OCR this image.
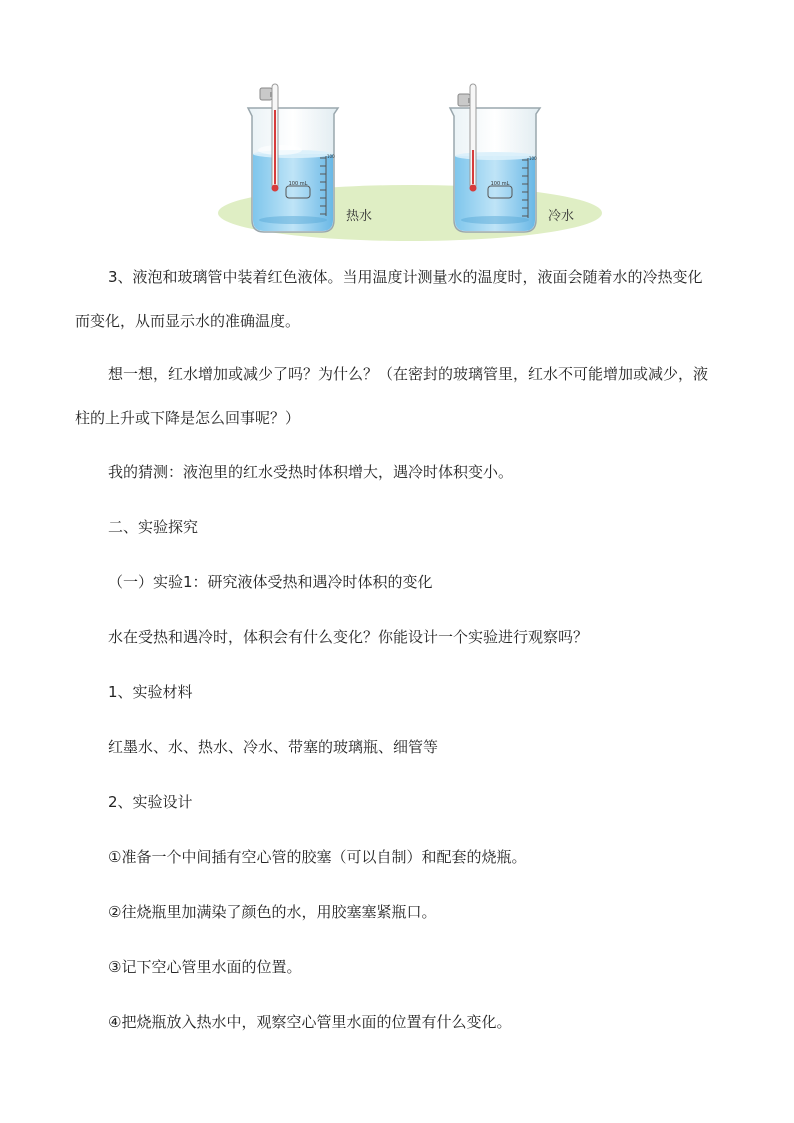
100 mL
100
热水
100 mL
100
冷水

3、液泡和玻璃管中装着红色液体。当用温度计测量水的温度时，液面会随着水的冷热变化而变化，从而显示水的准确温度。

想一想，红水增加或减少了吗？为什么？（在密封的玻璃管里，红水不可能增加或减少，液柱的上升或下降是怎么回事呢？）

我的猜测：液泡里的红水受热时体积增大，遇冷时体积变小。

二、实验探究

（一）实验1：研究液体受热和遇冷时体积的变化

水在受热和遇冷时，体积会有什么变化？你能设计一个实验进行观察吗？

1、实验材料

红墨水、水、热水、冷水、带塞的玻璃瓶、细管等

2、实验设计

①准备一个中间插有空心管的胶塞（可以自制）和配套的烧瓶。

②往烧瓶里加满染了颜色的水，用胶塞塞紧瓶口。

③记下空心管里水面的位置。

④把烧瓶放入热水中，观察空心管里水面的位置有什么变化。
